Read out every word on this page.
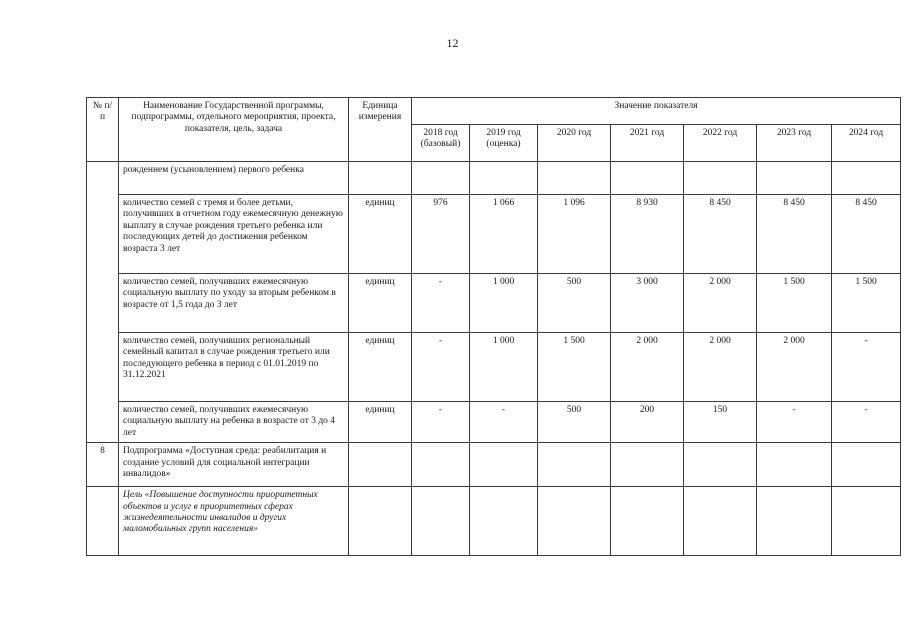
12
№ п/п	Наименование Государственной программы, подпрограммы, отдельного мероприятия, проекта, показателя, цель, задача	Единица измерения	Значение показателя						
			2018 год (базовый)	2019 год (оценка)	2020 год	2021 год	2022 год	2023 год	2024 год
	рожденнем (усыновлением) первого ребенка								
	количество семей с тремя и более детьми, получивших в отчетном году ежемесячную денежную выплату в случае рождения третьего ребенка или последующих детей до достижения ребенком возраста 3 лет	единиц	976	1 066	1 096	8 930	8 450	8 450	8 450
	количество семей, получивших ежемесячную социальную выплату по уходу за вторым ребенком в возрасте от 1,5 года до 3 лет	единиц	-	1 000	500	3 000	2 000	1 500	1 500
	количество семей, получивших региональный семейный капитал в случае рождения третьего или последующего ребенка в период с 01.01.2019 по 31.12.2021	единиц	-	1 000	1 500	2 000	2 000	2 000	-
	количество семей, получивших ежемесячную социальную выплату на ребенка в возрасте от 3 до 4 лет	единиц	-	-	500	200	150	-	-
8	Подпрограмма «Доступная среда: реабилитация и создание условий для социальной интеграции инвалидов»								
	Цель «Повышение доступности приоритетных объектов и услуг в приоритетных сферах жизнедеятельности инвалидов и других маломобильных групп населения»								
